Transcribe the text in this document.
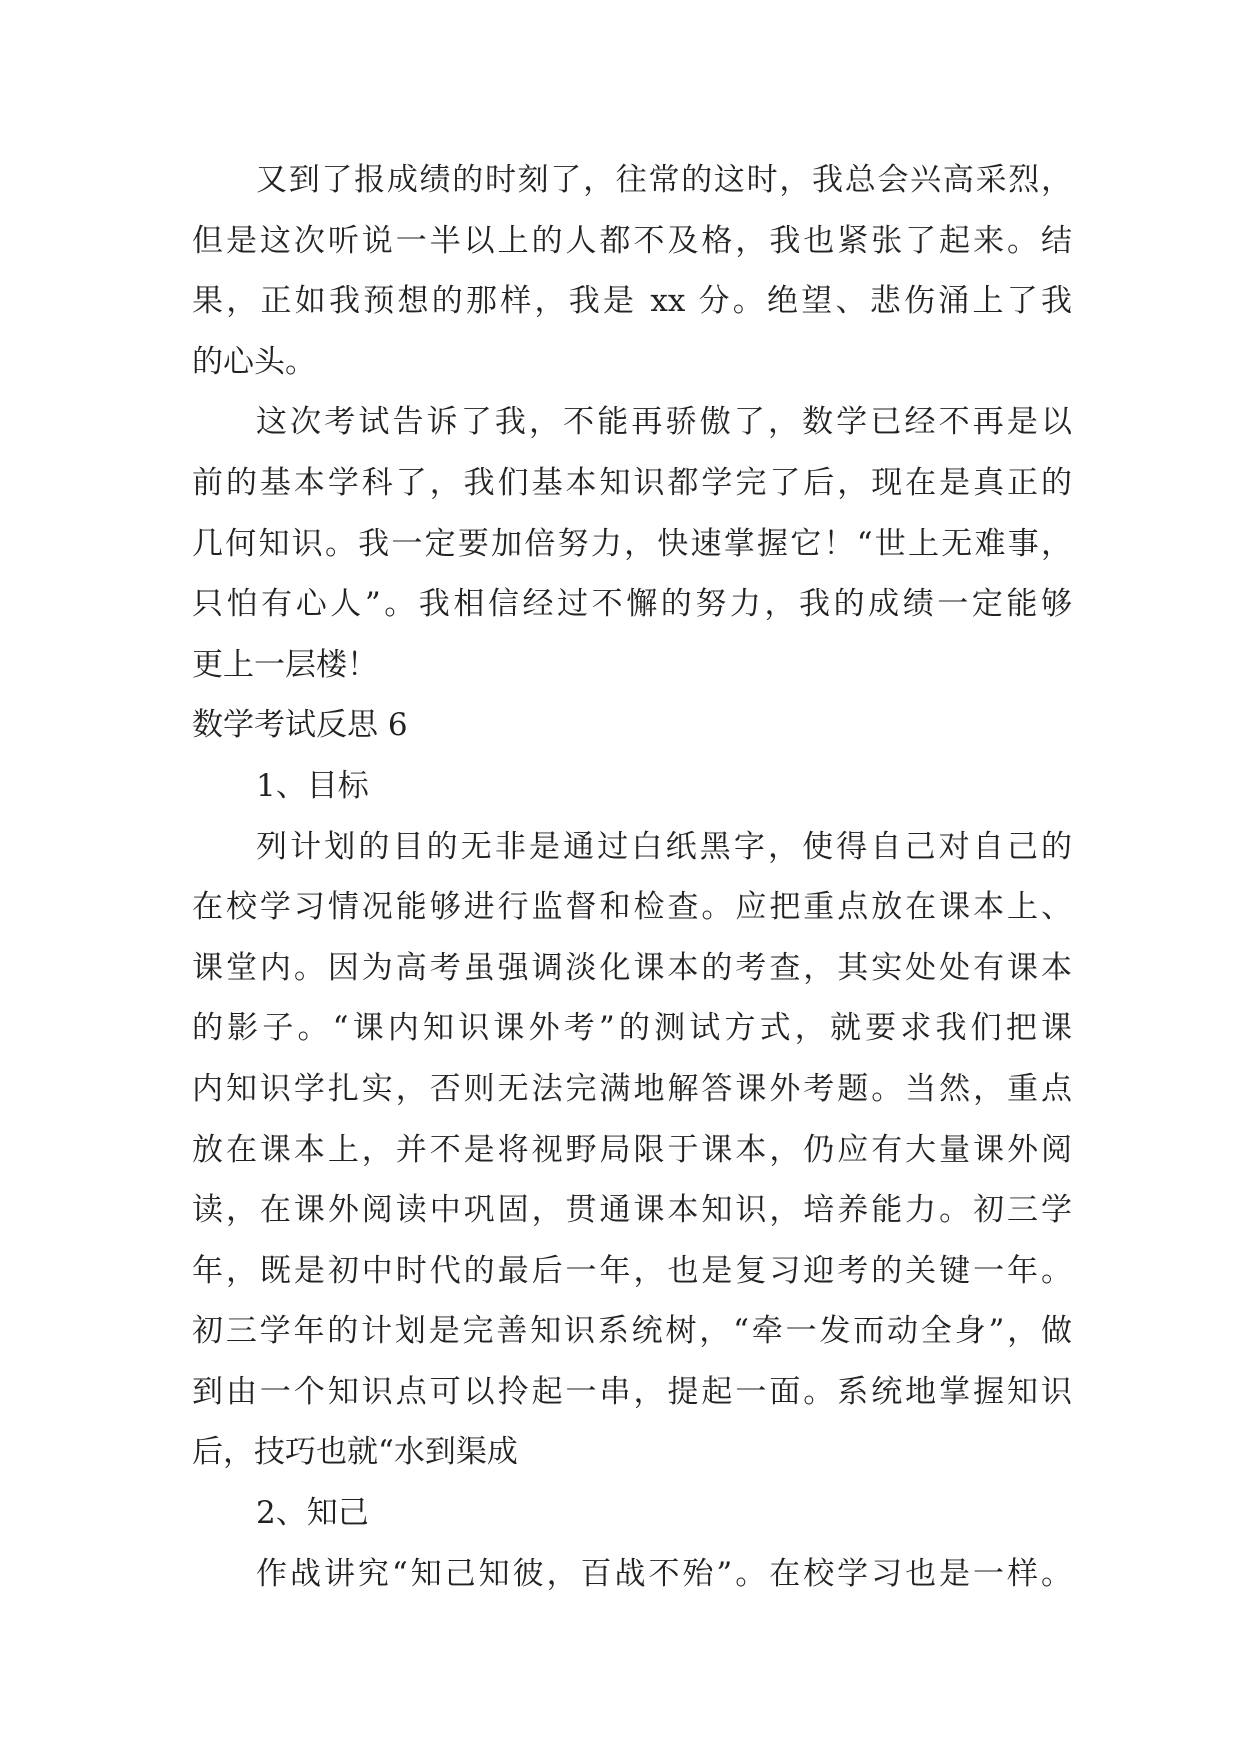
又到了报成绩的时刻了，往常的这时，我总会兴高采烈，
但是这次听说一半以上的人都不及格，我也紧张了起来。结
果，正如我预想的那样，我是 xx 分。绝望、悲伤涌上了我
的心头。
这次考试告诉了我，不能再骄傲了，数学已经不再是以
前的基本学科了，我们基本知识都学完了后，现在是真正的
几何知识。我一定要加倍努力，快速掌握它！“世上无难事，
只怕有心人”。我相信经过不懈的努力，我的成绩一定能够
更上一层楼！
数学考试反思 6
1、目标
列计划的目的无非是通过白纸黑字，使得自己对自己的
在校学习情况能够进行监督和检查。应把重点放在课本上、
课堂内。因为高考虽强调淡化课本的考查，其实处处有课本
的影子。“课内知识课外考”的测试方式，就要求我们把课
内知识学扎实，否则无法完满地解答课外考题。当然，重点
放在课本上，并不是将视野局限于课本，仍应有大量课外阅
读，在课外阅读中巩固，贯通课本知识，培养能力。初三学
年，既是初中时代的最后一年，也是复习迎考的关键一年。
初三学年的计划是完善知识系统树，“牵一发而动全身”，做
到由一个知识点可以拎起一串，提起一面。系统地掌握知识
后，技巧也就“水到渠成
2、知己
作战讲究“知己知彼，百战不殆”。在校学习也是一样。
